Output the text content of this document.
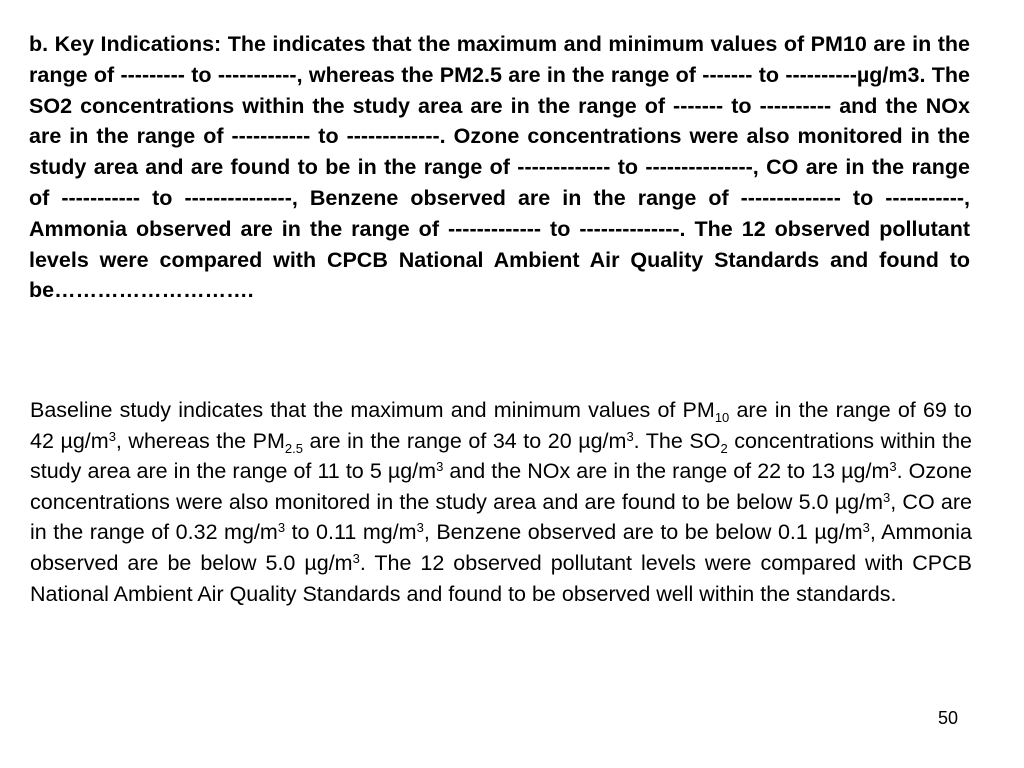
b. Key Indications: The indicates that the maximum and minimum values of PM10 are in the range of --------- to -----------, whereas the PM2.5 are in the range of ------- to ----------µg/m3. The SO2 concentrations within the study area are in the range of ------- to ---------- and the NOx are in the range of ----------- to -------------. Ozone concentrations were also monitored in the study area and are found to be in the range of ------------- to ---------------, CO are in the range of ----------- to ---------------, Benzene observed are in the range of -------------- to -----------, Ammonia observed are in the range of ------------- to --------------. The 12 observed pollutant levels were compared with CPCB National Ambient Air Quality Standards and found to be……………………….

Baseline study indicates that the maximum and minimum values of $PM_{10}$ are in the range of 69 to 42 $\mu g/m^3$, whereas the $PM_{2.5}$ are in the range of 34 to 20 $\mu g/m^3$. The $SO_2$ concentrations within the study area are in the range of 11 to 5 $\mu g/m^3$ and the NOx are in the range of 22 to 13 $\mu g/m^3$. Ozone concentrations were also monitored in the study area and are found to be below 5.0 $\mu g/m^3$, CO are in the range of 0.32 $mg/m^3$ to 0.11 $mg/m^3$, Benzene observed are to be below 0.1 $\mu g/m^3$, Ammonia observed are be below 5.0 $\mu g/m^3$. The 12 observed pollutant levels were compared with CPCB National Ambient Air Quality Standards and found to be observed well within the standards.

50
